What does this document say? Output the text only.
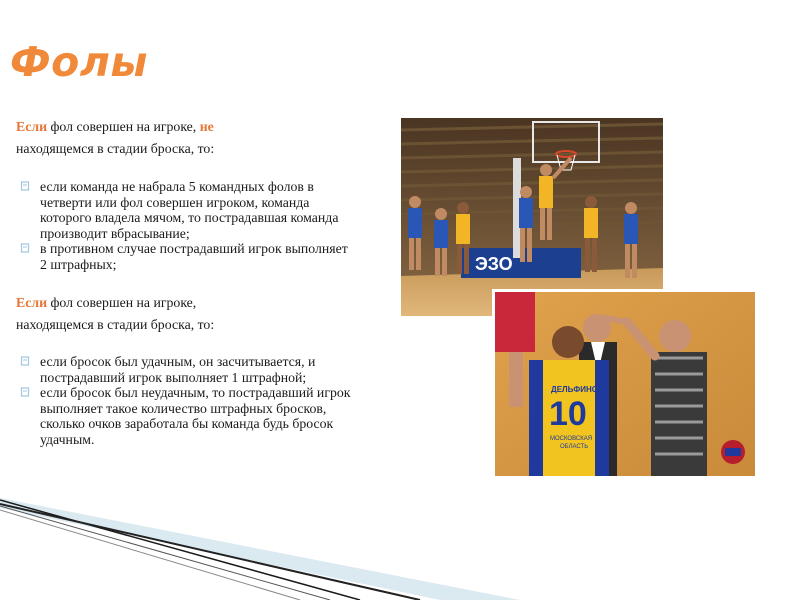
Фолы

Если фол совершен на игроке, не
находящемся в стадии броска, то:

если команда не набрала 5 командных фолов в четверти или фол совершен игроком, команда которого владела мячом, то пострадавшая команда производит вбрасывание;
в противном случае пострадавший игрок выполняет 2 штрафных;

Если фол совершен на игроке,
находящемся в стадии броска, то:

если бросок был удачным, он засчитывается, и пострадавший игрок выполняет 1 штрафной;
если бросок был неудачным, то пострадавший игрок выполняет такое количество штрафных бросков, сколько очков заработала бы команда будь бросок удачным.
ЭЗО
ДЕЛЬФИНО
10
МОСКОВСКАЯ
ОБЛАСТЬ
